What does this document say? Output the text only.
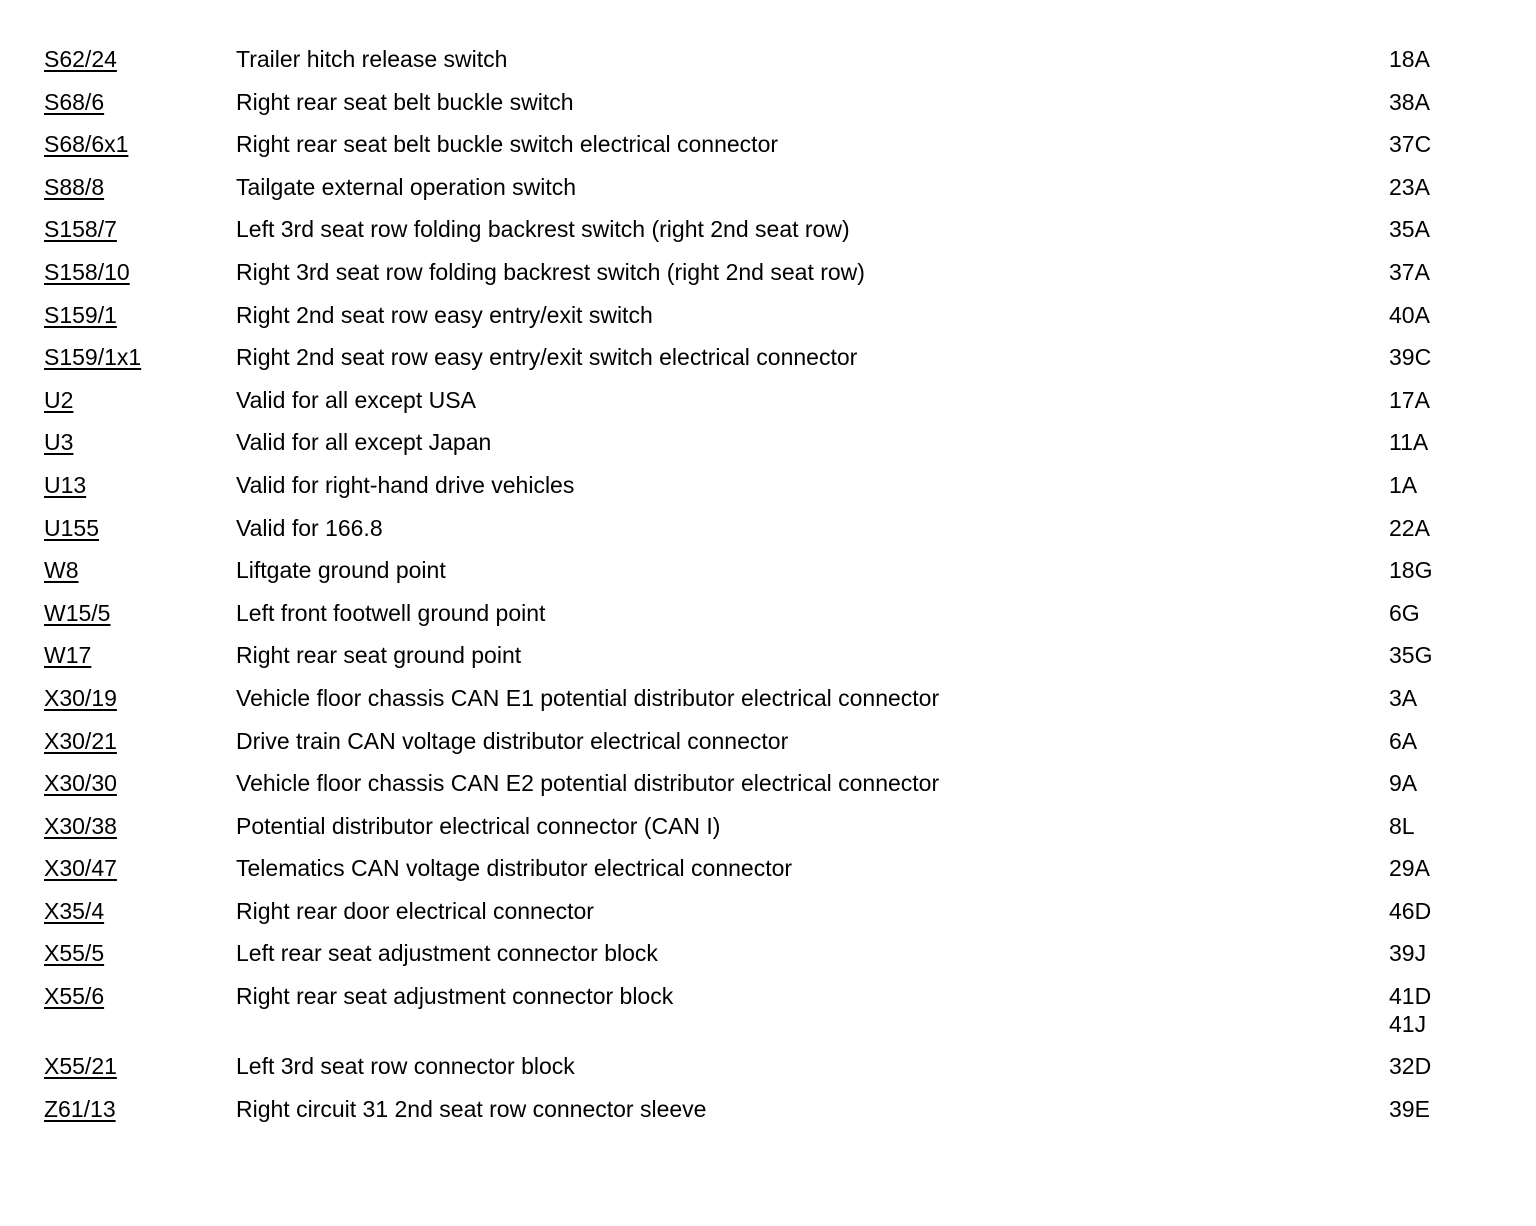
S62/24	Trailer hitch release switch	18A
S68/6	Right rear seat belt buckle switch	38A
S68/6x1	Right rear seat belt buckle switch electrical connector	37C
S88/8	Tailgate external operation switch	23A
S158/7	Left 3rd seat row folding backrest switch (right 2nd seat row)	35A
S158/10	Right 3rd seat row folding backrest switch (right 2nd seat row)	37A
S159/1	Right 2nd seat row easy entry/exit switch	40A
S159/1x1	Right 2nd seat row easy entry/exit switch electrical connector	39C
U2	Valid for all except USA	17A
U3	Valid for all except Japan	11A
U13	Valid for right-hand drive vehicles	1A
U155	Valid for 166.8	22A
W8	Liftgate ground point	18G
W15/5	Left front footwell ground point	6G
W17	Right rear seat ground point	35G
X30/19	Vehicle floor chassis CAN E1 potential distributor electrical connector	3A
X30/21	Drive train CAN voltage distributor electrical connector	6A
X30/30	Vehicle floor chassis CAN E2 potential distributor electrical connector	9A
X30/38	Potential distributor electrical connector (CAN I)	8L
X30/47	Telematics CAN voltage distributor electrical connector	29A
X35/4	Right rear door electrical connector	46D
X55/5	Left rear seat adjustment connector block	39J
X55/6	Right rear seat adjustment connector block	41D
41J
X55/21	Left 3rd seat row connector block	32D
Z61/13	Right circuit 31 2nd seat row connector sleeve	39E
